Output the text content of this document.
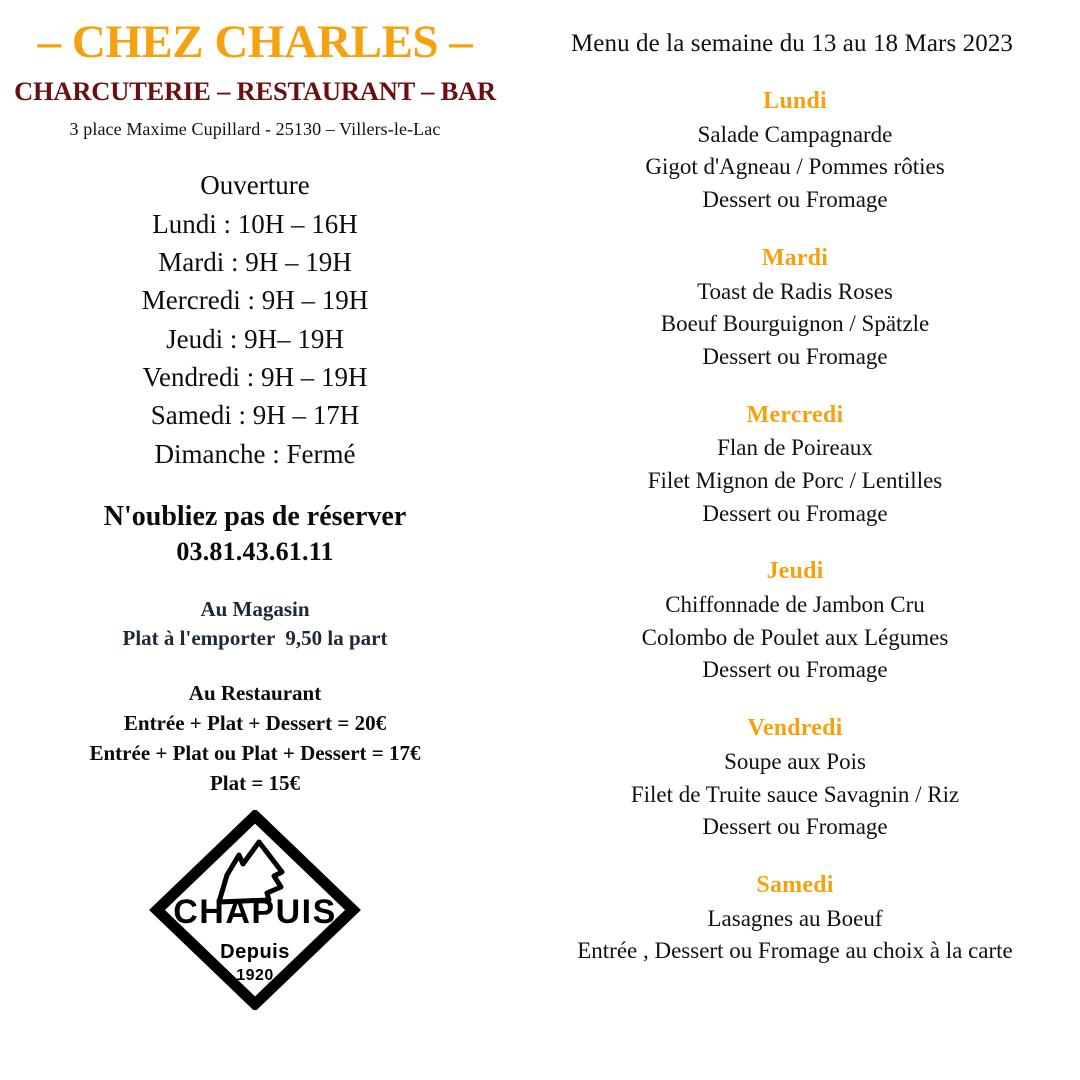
– CHEZ CHARLES –
CHARCUTERIE – RESTAURANT – BAR
3 place Maxime Cupillard - 25130 – Villers-le-Lac
Ouverture
Lundi : 10H – 16H
Mardi : 9H – 19H
Mercredi : 9H – 19H
Jeudi : 9H– 19H
Vendredi : 9H – 19H
Samedi : 9H – 17H
Dimanche : Fermé
N'oubliez pas de réserver
03.81.43.61.11
Au Magasin
Plat à l'emporter  9,50 la part
Au Restaurant
Entrée + Plat + Dessert = 20€
Entrée + Plat ou Plat + Dessert = 17€
Plat = 15€
CHAPUIS
Depuis
1920
Menu de la semaine du 13 au 18 Mars 2023
Lundi
Salade Campagnarde
Gigot d'Agneau / Pommes rôties
Dessert ou Fromage
Mardi
Toast de Radis Roses
Boeuf Bourguignon / Spätzle
Dessert ou Fromage
Mercredi
Flan de Poireaux
Filet Mignon de Porc / Lentilles
Dessert ou Fromage
Jeudi
Chiffonnade de Jambon Cru
Colombo de Poulet aux Légumes
Dessert ou Fromage
Vendredi
Soupe aux Pois
Filet de Truite sauce Savagnin / Riz
Dessert ou Fromage
Samedi
Lasagnes au Boeuf
Entrée , Dessert ou Fromage au choix à la carte
